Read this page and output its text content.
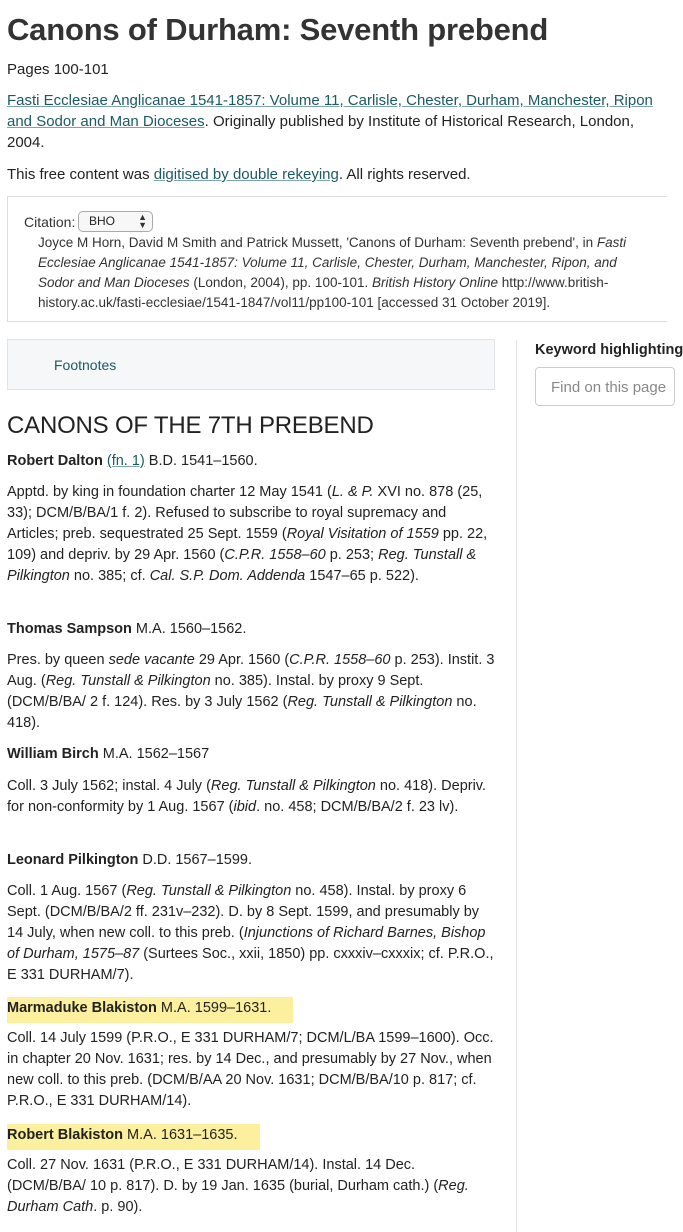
Canons of Durham: Seventh prebend
Pages 100-101
Fasti Ecclesiae Anglicanae 1541-1857: Volume 11, Carlisle, Chester, Durham, Manchester, Ripon and Sodor and Man Dioceses. Originally published by Institute of Historical Research, London, 2004.
This free content was digitised by double rekeying. All rights reserved.
Citation:	BHO	▲
▼
Joyce M Horn, David M Smith and Patrick Mussett, 'Canons of Durham: Seventh prebend', in Fasti Ecclesiae Anglicanae 1541-1857: Volume 11, Carlisle, Chester, Durham, Manchester, Ripon, and Sodor and Man Dioceses (London, 2004), pp. 100-101. British History Online http://www.british-history.ac.uk/fasti-ecclesiae/1541-1847/vol11/pp100-101 [accessed 31 October 2019].
Footnotes
Keyword highlighting
Find on this page
CANONS OF THE 7TH PREBEND
Robert Dalton (fn. 1) B.D. 1541–1560.
Apptd. by king in foundation charter 12 May 1541 (L. & P. XVI no. 878 (25, 33); DCM/B/BA/1 f. 2). Refused to subscribe to royal supremacy and Articles; preb. sequestrated 25 Sept. 1559 (Royal Visitation of 1559 pp. 22, 109) and depriv. by 29 Apr. 1560 (C.P.R. 1558–60 p. 253; Reg. Tunstall & Pilkington no. 385; cf. Cal. S.P. Dom. Addenda 1547–65 p. 522).
Thomas Sampson M.A. 1560–1562.
Pres. by queen sede vacante 29 Apr. 1560 (C.P.R. 1558–60 p. 253). Instit. 3 Aug. (Reg. Tunstall & Pilkington no. 385). Instal. by proxy 9 Sept. (DCM/B/BA/ 2 f. 124). Res. by 3 July 1562 (Reg. Tunstall & Pilkington no. 418).
William Birch M.A. 1562–1567
Coll. 3 July 1562; instal. 4 July (Reg. Tunstall & Pilkington no. 418). Depriv. for non-conformity by 1 Aug. 1567 (ibid. no. 458; DCM/B/BA/2 f. 23 lv).
Leonard Pilkington D.D. 1567–1599.
Coll. 1 Aug. 1567 (Reg. Tunstall & Pilkington no. 458). Instal. by proxy 6 Sept. (DCM/B/BA/2 ff. 231v–232). D. by 8 Sept. 1599, and presumably by 14 July, when new coll. to this preb. (Injunctions of Richard Barnes, Bishop of Durham, 1575–87 (Surtees Soc., xxii, 1850) pp. cxxxiv–cxxxix; cf. P.R.O., E 331 DURHAM/7).
Marmaduke Blakiston M.A. 1599–1631.
Coll. 14 July 1599 (P.R.O., E 331 DURHAM/7; DCM/L/BA 1599–1600). Occ. in chapter 20 Nov. 1631; res. by 14 Dec., and presumably by 27 Nov., when new coll. to this preb. (DCM/B/AA 20 Nov. 1631; DCM/B/BA/10 p. 817; cf. P.R.O., E 331 DURHAM/14).
Robert Blakiston M.A. 1631–1635.
Coll. 27 Nov. 1631 (P.R.O., E 331 DURHAM/14). Instal. 14 Dec. (DCM/B/BA/ 10 p. 817). D. by 19 Jan. 1635 (burial, Durham cath.) (Reg. Durham Cath. p. 90).
